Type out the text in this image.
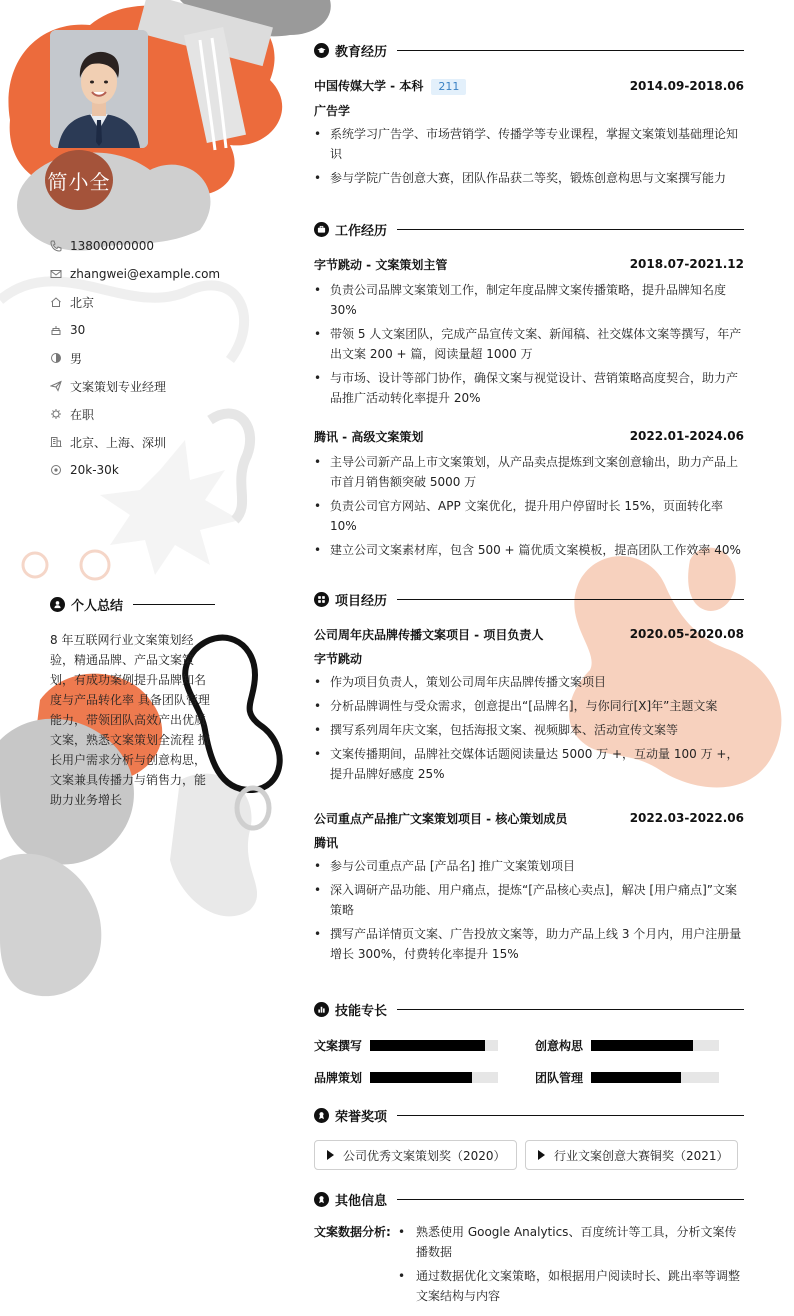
简小全
13800000000
zhangwei@example.com
北京
30
男
文案策划专业经理
在职
北京、上海、深圳
20k-30k
个人总结

8 年互联网行业文案策划经验，精通品牌、产品文案策划，有成功案例提升品牌知名度与产品转化率 具备团队管理能力，带领团队高效产出优质文案，熟悉文案策划全流程 擅长用户需求分析与创意构思，文案兼具传播力与销售力，能助力业务增长

教育经历
中国传媒大学 - 本科 211	2014.09-2018.06
广告学
• 系统学习广告学、市场营销学、传播学等专业课程，掌握文案策划基础理论知识
• 参与学院广告创意大赛，团队作品获二等奖，锻炼创意构思与文案撰写能力
工作经历
字节跳动 - 文案策划主管	2018.07-2021.12
• 负责公司品牌文案策划工作，制定年度品牌文案传播策略，提升品牌知名度 30%
• 带领 5 人文案团队，完成产品宣传文案、新闻稿、社交媒体文案等撰写，年产出文案 200 + 篇，阅读量超 1000 万
• 与市场、设计等部门协作，确保文案与视觉设计、营销策略高度契合，助力产品推广活动转化率提升 20%
腾讯 - 高级文案策划	2022.01-2024.06
• 主导公司新产品上市文案策划，从产品卖点提炼到文案创意输出，助力产品上市首月销售额突破 5000 万
• 负责公司官方网站、APP 文案优化，提升用户停留时长 15%，页面转化率 10%
• 建立公司文案素材库，包含 500 + 篇优质文案模板，提高团队工作效率 40%
项目经历
公司周年庆品牌传播文案项目 - 项目负责人	2020.05-2020.08
字节跳动
• 作为项目负责人，策划公司周年庆品牌传播文案项目
• 分析品牌调性与受众需求，创意提出“[品牌名]，与你同行[X]年”主题文案
• 撰写系列周年庆文案，包括海报文案、视频脚本、活动宣传文案等
• 文案传播期间，品牌社交媒体话题阅读量达 5000 万 +，互动量 100 万 +，提升品牌好感度 25%
公司重点产品推广文案策划项目 - 核心策划成员	2022.03-2022.06
腾讯
• 参与公司重点产品 [产品名] 推广文案策划项目
• 深入调研产品功能、用户痛点，提炼“[产品核心卖点]，解决 [用户痛点]”文案策略
• 撰写产品详情页文案、广告投放文案等，助力产品上线 3 个月内，用户注册量增长 300%，付费转化率提升 15%
技能专长
文案撰写	创意构思
品牌策划	团队管理
荣誉奖项
公司优秀文案策划奖（2020）	行业文案创意大赛铜奖（2021）
其他信息
文案数据分析:
•	熟悉使用 Google Analytics、百度统计等工具，分析文案传播数据
• 通过数据优化文案策略，如根据用户阅读时长、跳出率等调整文案结构与内容
